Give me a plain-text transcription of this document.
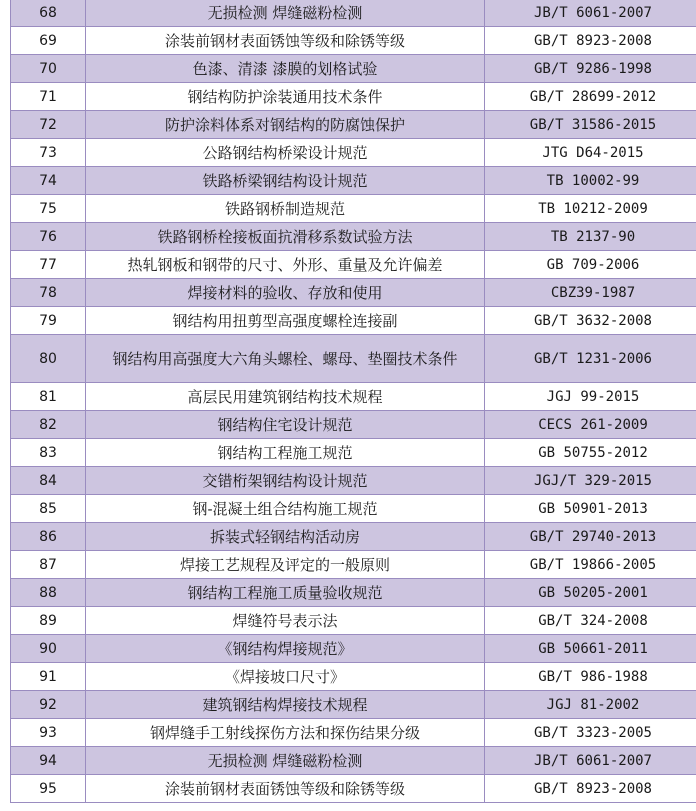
68	无损检测 焊缝磁粉检测	JB/T 6061-2007
69	涂装前钢材表面锈蚀等级和除锈等级	GB/T 8923-2008
70	色漆、清漆 漆膜的划格试验	GB/T 9286-1998
71	钢结构防护涂装通用技术条件	GB/T 28699-2012
72	防护涂料体系对钢结构的防腐蚀保护	GB/T 31586-2015
73	公路钢结构桥梁设计规范	JTG D64-2015
74	铁路桥梁钢结构设计规范	TB 10002-99
75	铁路钢桥制造规范	TB 10212-2009
76	铁路钢桥栓接板面抗滑移系数试验方法	TB 2137-90
77	热轧钢板和钢带的尺寸、外形、重量及允许偏差	GB 709-2006
78	焊接材料的验收、存放和使用	CBZ39-1987
79	钢结构用扭剪型高强度螺栓连接副	GB/T 3632-2008
80	钢结构用高强度大六角头螺栓、螺母、垫圈技术条件	GB/T 1231-2006
81	高层民用建筑钢结构技术规程	JGJ 99-2015
82	钢结构住宅设计规范	CECS 261-2009
83	钢结构工程施工规范	GB 50755-2012
84	交错桁架钢结构设计规范	JGJ/T 329-2015
85	钢-混凝土组合结构施工规范	GB 50901-2013
86	拆装式轻钢结构活动房	GB/T 29740-2013
87	焊接工艺规程及评定的一般原则	GB/T 19866-2005
88	钢结构工程施工质量验收规范	GB 50205-2001
89	焊缝符号表示法	GB/T 324-2008
90	《钢结构焊接规范》	GB 50661-2011
91	《焊接坡口尺寸》	GB/T 986-1988
92	建筑钢结构焊接技术规程	JGJ 81-2002
93	钢焊缝手工射线探伤方法和探伤结果分级	GB/T 3323-2005
94	无损检测 焊缝磁粉检测	JB/T 6061-2007
95	涂装前钢材表面锈蚀等级和除锈等级	GB/T 8923-2008
